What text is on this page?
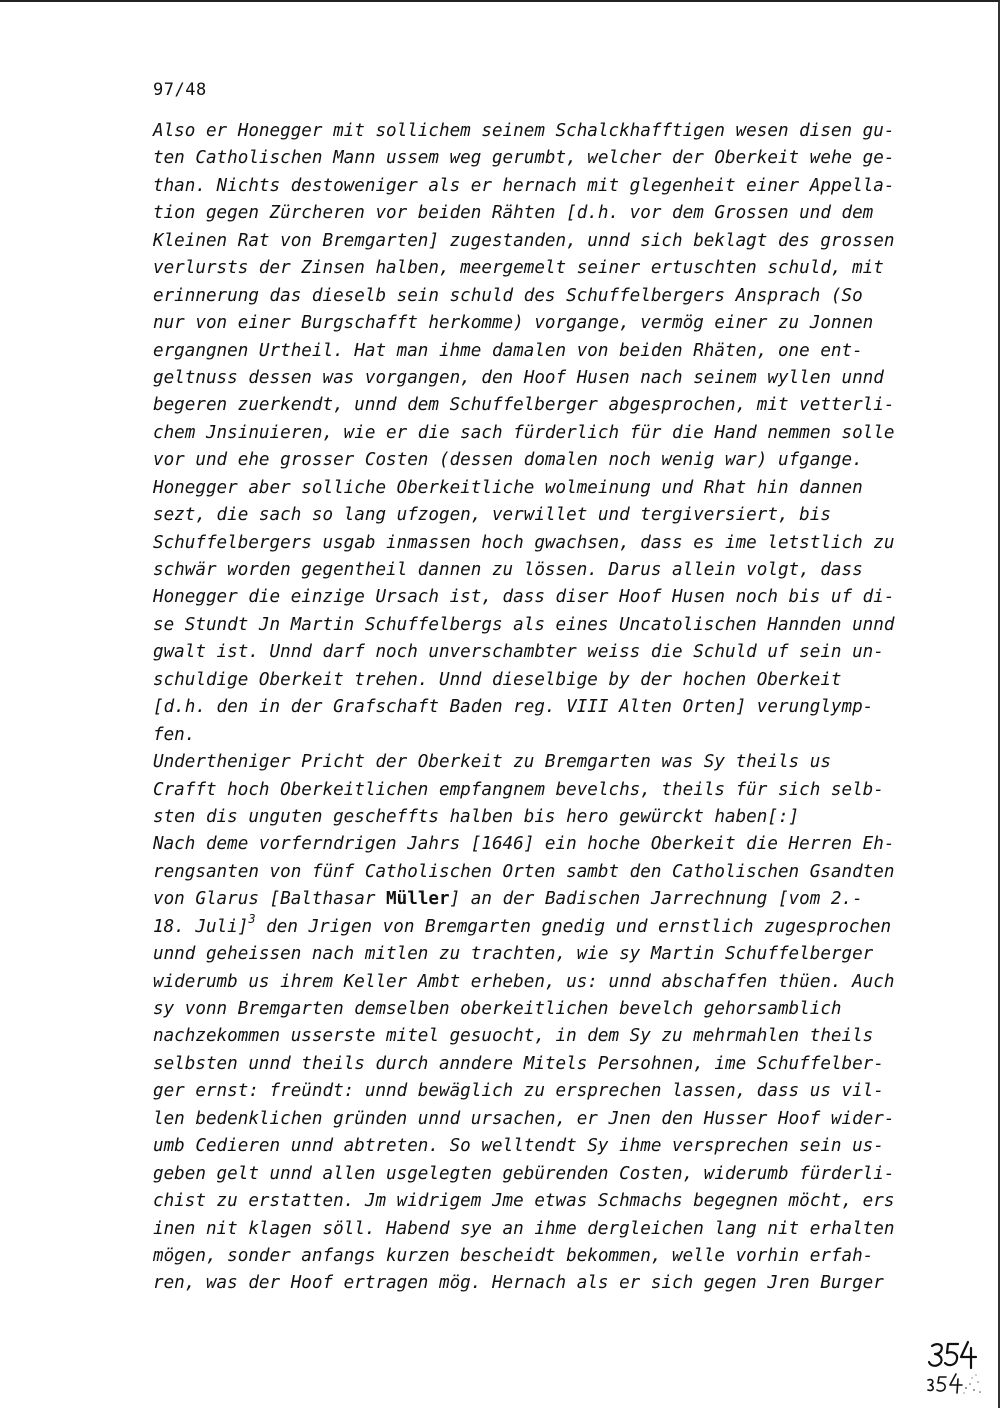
97/48
Also er Honegger mit sollichem seinem Schalckhafftigen wesen disen gu-
ten Catholischen Mann ussem weg gerumbt, welcher der Oberkeit wehe ge-
than. Nichts destoweniger als er hernach mit glegenheit einer Appella-
tion gegen Zürcheren vor beiden Rähten [d.h. vor dem Grossen und dem
Kleinen Rat von Bremgarten] zugestanden, unnd sich beklagt des grossen
verlursts der Zinsen halben, meergemelt seiner ertuschten schuld, mit
erinnerung das dieselb sein schuld des Schuffelbergers Ansprach (So
nur von einer Burgschafft herkomme) vorgange, vermög einer zu Jonnen
ergangnen Urtheil. Hat man ihme damalen von beiden Rhäten, one ent-
geltnuss dessen was vorgangen, den Hoof Husen nach seinem wyllen unnd
begeren zuerkendt, unnd dem Schuffelberger abgesprochen, mit vetterli-
chem Jnsinuieren, wie er die sach fürderlich für die Hand nemmen solle
vor und ehe grosser Costen (dessen domalen noch wenig war) ufgange.
Honegger aber solliche Oberkeitliche wolmeinung und Rhat hin dannen
sezt, die sach so lang ufzogen, verwillet und tergiversiert, bis
Schuffelbergers usgab inmassen hoch gwachsen, dass es ime letstlich zu
schwär worden gegentheil dannen zu lössen. Darus allein volgt, dass
Honegger die einzige Ursach ist, dass diser Hoof Husen noch bis uf di-
se Stundt Jn Martin Schuffelbergs als eines Uncatolischen Hannden unnd
gwalt ist. Unnd darf noch unverschambter weiss die Schuld uf sein un-
schuldige Oberkeit trehen. Unnd dieselbige by der hochen Oberkeit
[d.h. den in der Grafschaft Baden reg. VIII Alten Orten] verunglymp-
fen.
Undertheniger Pricht der Oberkeit zu Bremgarten was Sy theils us
Crafft hoch Oberkeitlichen empfangnem bevelchs, theils für sich selb-
sten dis unguten gescheffts halben bis hero gewürckt haben[:]
Nach deme vorferndrigen Jahrs [1646] ein hoche Oberkeit die Herren Eh-
rengsanten von fünf Catholischen Orten sambt den Catholischen Gsandten
von Glarus [Balthasar Müller] an der Badischen Jarrechnung [vom 2.-
18. Juli]$^3$ den Jrigen von Bremgarten gnedig und ernstlich zugesprochen
unnd geheissen nach mitlen zu trachten, wie sy Martin Schuffelberger
widerumb us ihrem Keller Ambt erheben, us: unnd abschaffen thüen. Auch
sy vonn Bremgarten demselben oberkeitlichen bevelch gehorsamblich
nachzekommen usserste mitel gesuocht, in dem Sy zu mehrmahlen theils
selbsten unnd theils durch anndere Mitels Persohnen, ime Schuffelber-
ger ernst: freündt: unnd bewäglich zu ersprechen lassen, dass us vil-
len bedenklichen gründen unnd ursachen, er Jnen den Husser Hoof wider-
umb Cedieren unnd abtreten. So welltendt Sy ihme versprechen sein us-
geben gelt unnd allen usgelegten gebürenden Costen, widerumb fürderli-
chist zu erstatten. Jm widrigem Jme etwas Schmachs begegnen möcht, ers
inen nit klagen söll. Habend sye an ihme dergleichen lang nit erhalten
mögen, sonder anfangs kurzen bescheidt bekommen, welle vorhin erfah-
ren, was der Hoof ertragen mög. Hernach als er sich gegen Jren Burger
